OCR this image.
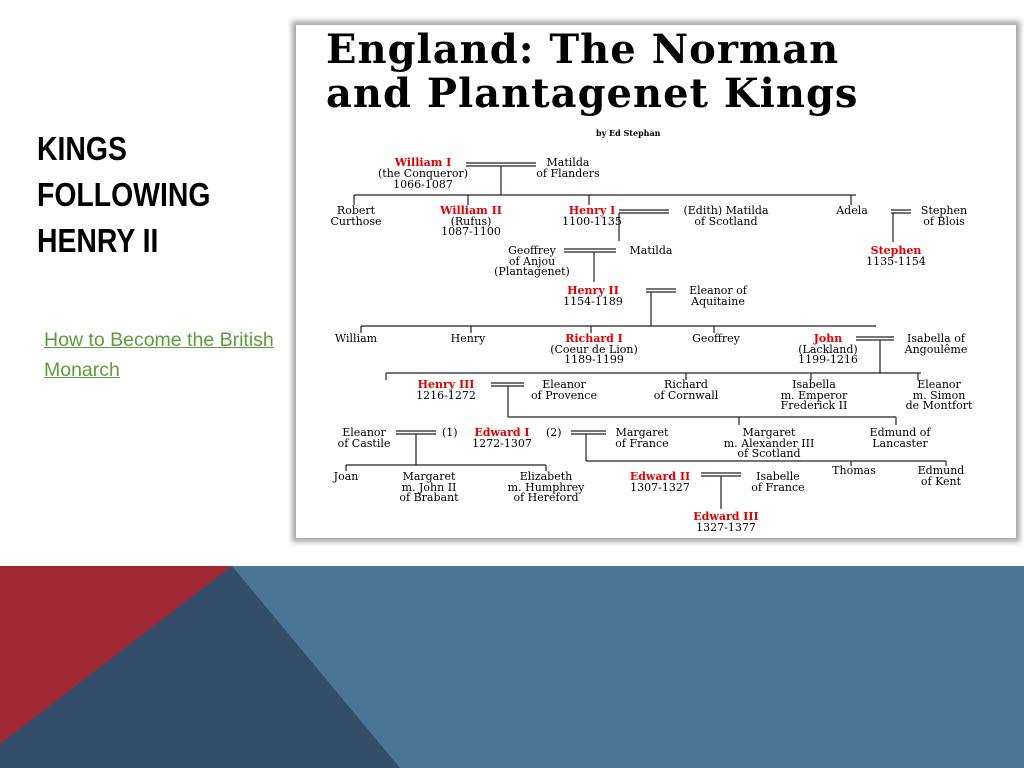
KINGS
FOLLOWING
HENRY II
How to Become the British Monarch
England: The Norman
and Plantagenet Kings
by Ed Stephan
William I
(the Conqueror)
1066-1087
Matilda
of Flanders
Robert
Curthose
William II
(Rufus)
1087-1100
Henry I
1100-1135
(Edith) Matilda
of Scotland
Adela	Stephen
of Blois
Geoffrey
of Anjou
(Plantagenet)
Matilda	Stephen
1135-1154
Henry II
1154-1189
Eleanor of
Aquitaine
William	Henry	Richard I
(Coeur de Lion)
1189-1199
Geoffrey	John
(Lackland)
1199-1216
Isabella of
Angoulême
Henry III
1216-1272
Eleanor
of Provence
Richard
of Cornwall
Isabella
m. Emperor
Frederick II
Eleanor
m. Simon
de Montfort
Eleanor
of Castile
(1) Edward I
1272-1307
(2)	Margaret
of France
Margaret
m. Alexander III
of Scotland
Edmund of
Lancaster
Joan	Margaret
m. John II
of Brabant
Elizabeth
m. Humphrey
of Hereford
Edward II
1307-1327
Isabelle
of France
Thomas	Edmund
of Kent
Edward III
1327-1377
